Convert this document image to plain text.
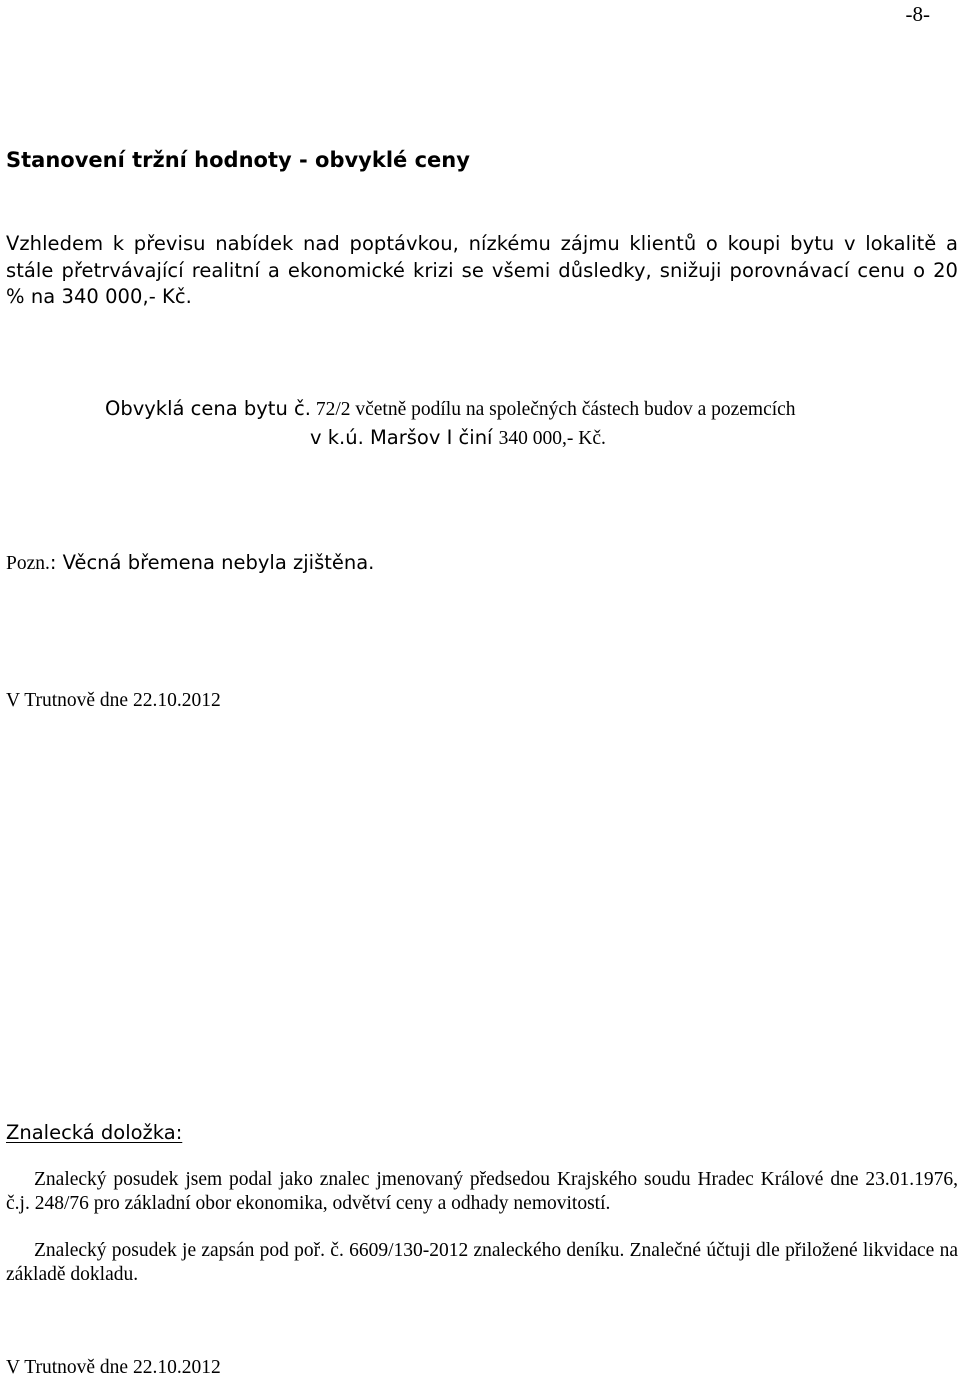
-8-
Stanovení tržní hodnoty - obvyklé ceny
Vzhledem k převisu nabídek nad poptávkou, nízkému zájmu klientů o koupi bytu v lokalitě a stále přetrvávající realitní a ekonomické krizi se všemi důsledky, snižuji porovnávací cenu o 20 % na 340 000,- Kč.
Obvyklá cena bytu č. 72/2 včetně podílu na společných částech budov a pozemcích
v k.ú. Maršov I činí 340 000,- Kč.
Pozn.: Věcná břemena nebyla zjištěna.
V Trutnově dne 22.10.2012
Znalecká doložka:
Znalecký posudek jsem podal jako znalec jmenovaný předsedou Krajského soudu Hradec Králové dne 23.01.1976, č.j. 248/76 pro základní obor ekonomika, odvětví ceny a odhady nemovitostí.
Znalecký posudek je zapsán pod poř. č. 6609/130-2012 znaleckého deníku. Znalečné účtuji dle přiložené likvidace na základě dokladu.
V Trutnově dne 22.10.2012
